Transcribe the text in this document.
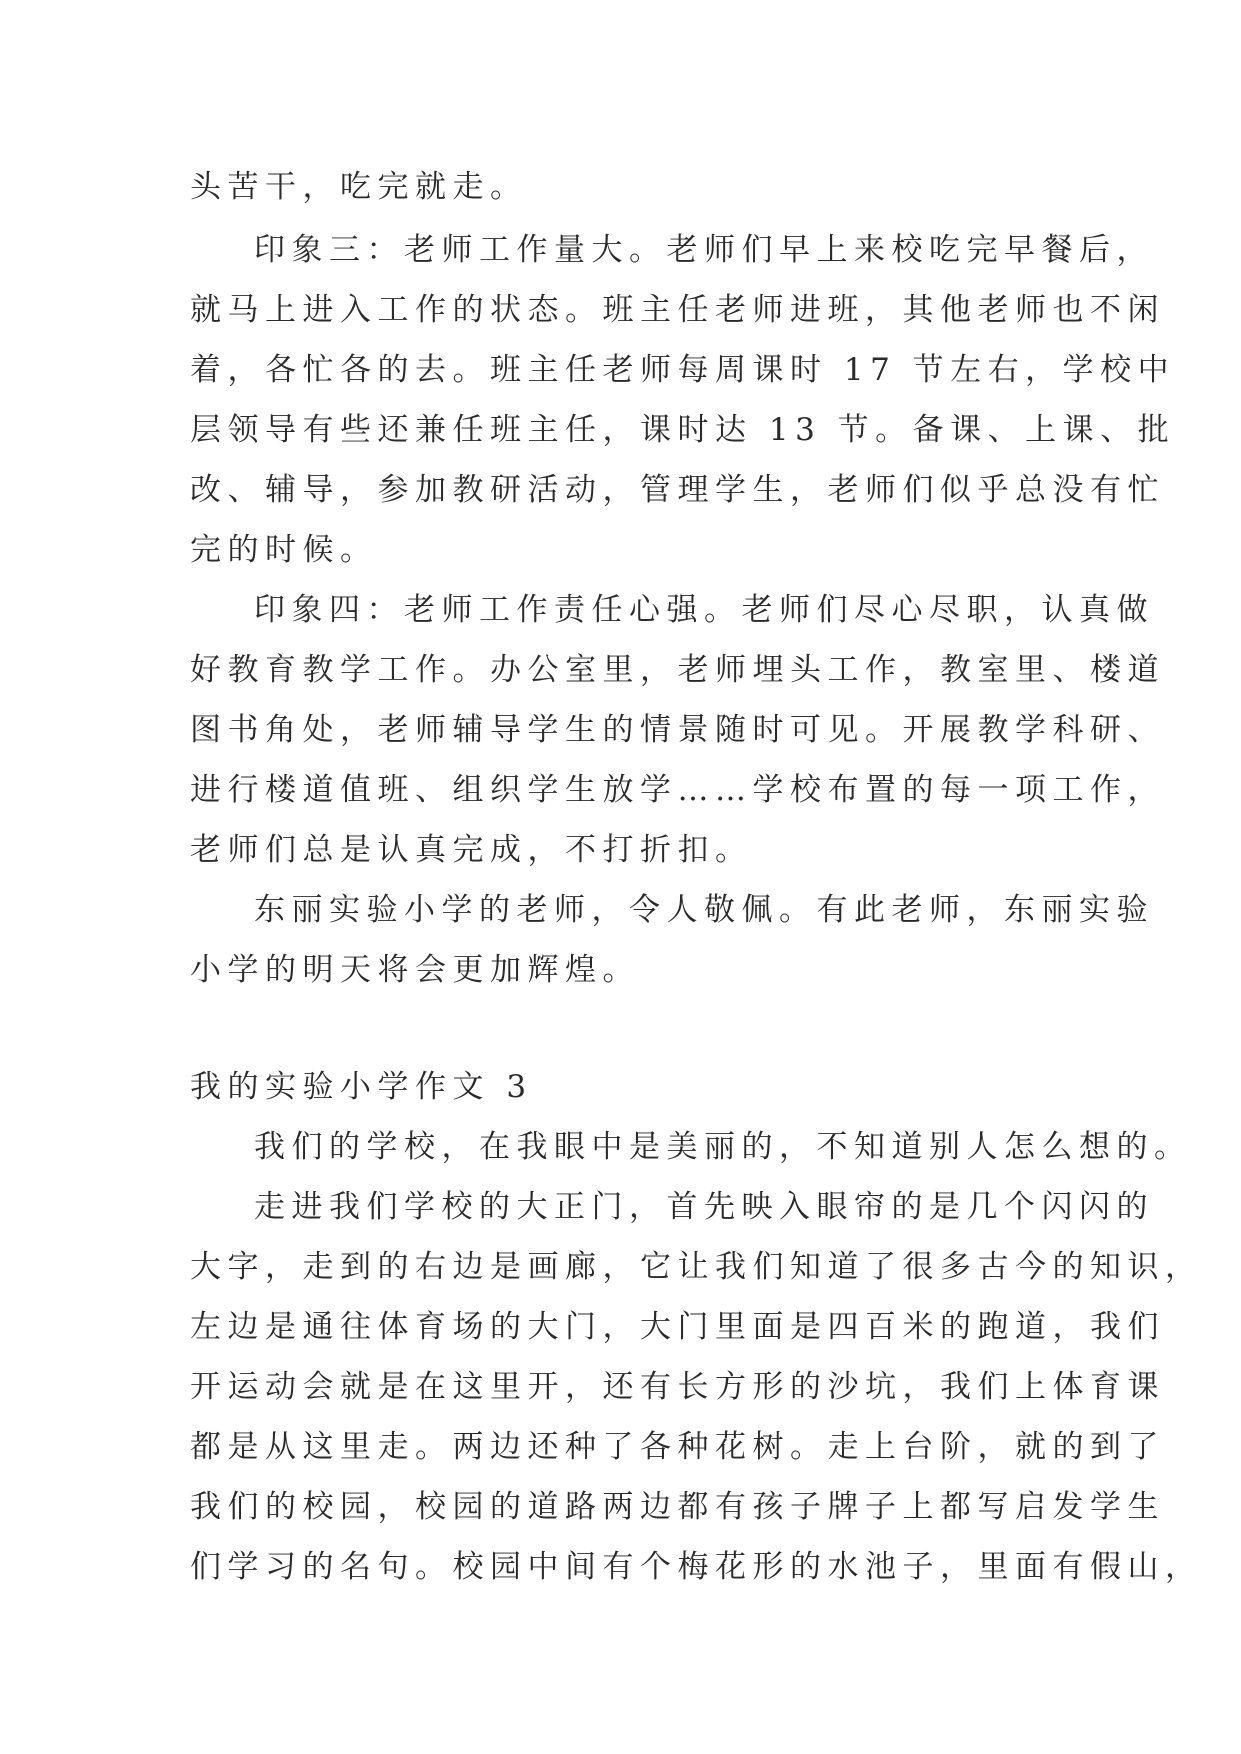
头苦干，吃完就走。
印象三：老师工作量大。老师们早上来校吃完早餐后，
就马上进入工作的状态。班主任老师进班，其他老师也不闲
着，各忙各的去。班主任老师每周课时 17 节左右，学校中
层领导有些还兼任班主任，课时达 13 节。备课、上课、批
改、辅导，参加教研活动，管理学生，老师们似乎总没有忙
完的时候。
印象四：老师工作责任心强。老师们尽心尽职，认真做
好教育教学工作。办公室里，老师埋头工作，教室里、楼道
图书角处，老师辅导学生的情景随时可见。开展教学科研、
进行楼道值班、组织学生放学……学校布置的每一项工作，
老师们总是认真完成，不打折扣。
东丽实验小学的老师，令人敬佩。有此老师，东丽实验
小学的明天将会更加辉煌。
我的实验小学作文 3
我们的学校，在我眼中是美丽的，不知道别人怎么想的。
走进我们学校的大正门，首先映入眼帘的是几个闪闪的
大字，走到的右边是画廊，它让我们知道了很多古今的知识，
左边是通往体育场的大门，大门里面是四百米的跑道，我们
开运动会就是在这里开，还有长方形的沙坑，我们上体育课
都是从这里走。两边还种了各种花树。走上台阶，就的到了
我们的校园，校园的道路两边都有孩子牌子上都写启发学生
们学习的名句。校园中间有个梅花形的水池子，里面有假山，
